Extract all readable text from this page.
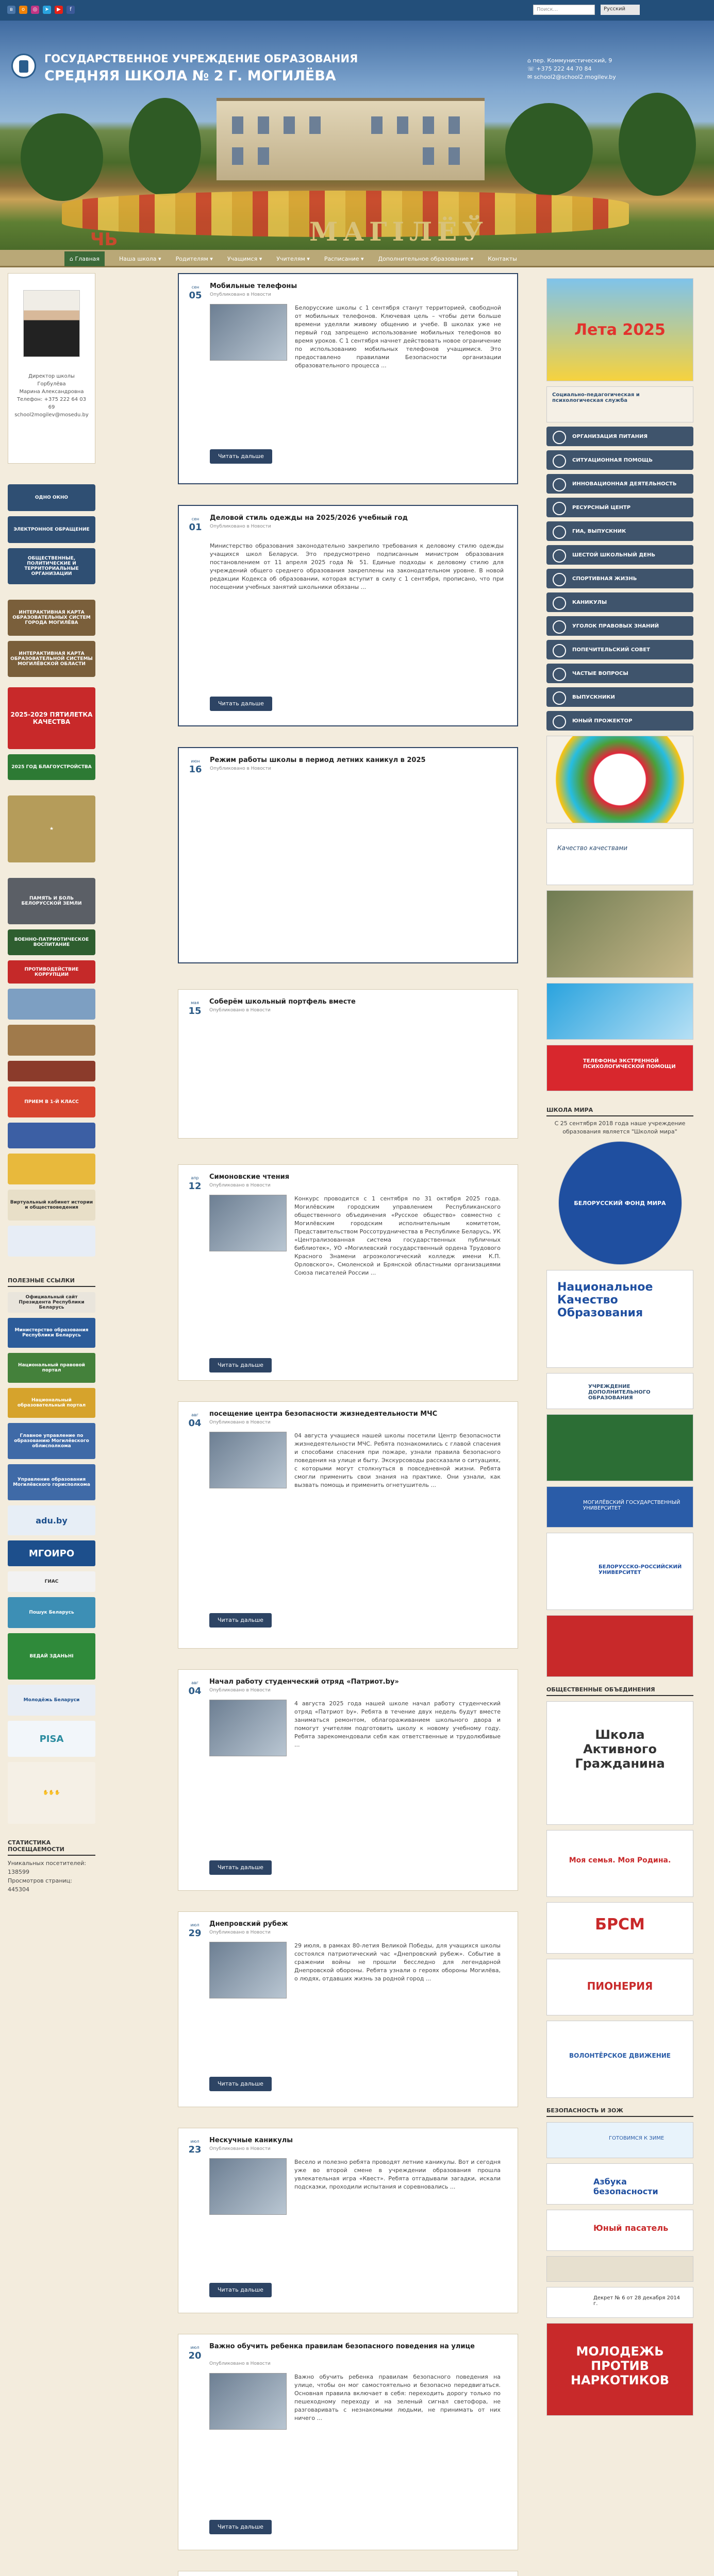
в	о	◎	➤	▶	f	Поиск...	Русский
ЧЬ	МАГІЛЁЎ
ГОСУДАРСТВЕННОЕ УЧРЕЖДЕНИЕ ОБРАЗОВАНИЯ
СРЕДНЯЯ ШКОЛА № 2 Г. МОГИЛЁВА
⌂ пер. Коммунистический, 9
☏ +375 222 44 70 84
✉ school2@school2.mogilev.by
⌂ Главная	Наша школа ▾	Родителям ▾	Учащимся ▾	Учителям ▾	Расписание ▾	Дополнительное образование ▾	Контакты
Директор школы
Горбулёва
Марина Александровна
Телефон: +375 222 64 03 69
school2mogilev@mosedu.by
ОДНО ОКНО
ЭЛЕКТРОННОЕ ОБРАЩЕНИЕ
ОБЩЕСТВЕННЫЕ, ПОЛИТИЧЕСКИЕ И ТЕРРИТОРИАЛЬНЫЕ ОРГАНИЗАЦИИ
ИНТЕРАКТИВНАЯ КАРТА ОБРАЗОВАТЕЛЬНЫХ СИСТЕМ ГОРОДА МОГИЛЁВА
ИНТЕРАКТИВНАЯ КАРТА ОБРАЗОВАТЕЛЬНОЙ СИСТЕМЫ МОГИЛЁВСКОЙ ОБЛАСТИ
2025-2029 ПЯТИЛЕТКА КАЧЕСТВА
2025 ГОД БЛАГОУСТРОЙСТВА
★
ПАМЯТЬ И БОЛЬ БЕЛОРУССКОЙ ЗЕМЛИ
ВОЕННО-ПАТРИОТИЧЕСКОЕ ВОСПИТАНИЕ
ПРОТИВОДЕЙСТВИЕ КОРРУПЦИИ
ПРИЕМ В 1-Й КЛАСС
Виртуальный кабинет истории и обществоведения
ПОЛЕЗНЫЕ ССЫЛКИ
Официальный сайт Президента Республики Беларусь
Министерство образования Республики Беларусь
Национальный правовой портал
Национальный образовательный портал
Главное управление по образованию Могилёвского облисполкома
Управление образования Могилёвского горисполкома
adu.by
МГОИРО
ГИАС
Пошук Беларусь
ВЕДАЙ ЗДАНЬНІ
Молодёжь Беларуси
PISA
✋✋✋
СТАТИСТИКА ПОСЕЩАЕМОСТИ
Уникальных посетителей: 138599
Просмотров страниц: 445304
сен
05
Мобильные телефоны
Опубликовано в Новости
Белорусские школы с 1 сентября станут территорией, свободной от мобильных телефонов. Ключевая цель – чтобы дети больше времени уделяли живому общению и учебе. В школах уже не первый год запрещено использование мобильных телефонов во время уроков. С 1 сентября начнет действовать новое ограничение по использованию мобильных телефонов учащимися. Это предоставлено правилами Безопасности организации образовательного процесса ...
Читать дальше
сен
01
Деловой стиль одежды на 2025/2026 учебный год
Опубликовано в Новости
Министерство образования законодательно закрепило требования к деловому стилю одежды учащихся школ Беларуси. Это предусмотрено подписанным министром образования постановлением от 11 апреля 2025 года № 51. Единые подходы к деловому стилю для учреждений общего среднего образования закреплены на законодательном уровне. В новой редакции Кодекса об образовании, которая вступит в силу с 1 сентября, прописано, что при посещении учебных занятий школьники обязаны ...
Читать дальше
июн
16
Режим работы школы в период летних каникул в 2025
Опубликовано в Новости
мая
15
Соберём школьный портфель вместе
Опубликовано в Новости
апр
12
Симоновские чтения
Опубликовано в Новости
Конкурс проводится с 1 сентября по 31 октября 2025 года. Могилёвским городским управлением Республиканского общественного объединения «Русское общество» совместно с Могилёвским городским исполнительным комитетом, Представительством Россотрудничества в Республике Беларусь, УК «Централизованная система государственных публичных библиотек», УО «Могилевский государственный ордена Трудового Красного Знамени агроэкологический колледж имени К.П. Орловского», Смоленской и Брянской областными организациями Союза писателей России ...
Читать дальше
авг
04
посещение центра безопасности жизнедеятельности МЧС
Опубликовано в Новости
04 августа учащиеся нашей школы посетили Центр безопасности жизнедеятельности МЧС. Ребята познакомились с главой спасения и способами спасения при пожаре, узнали правила безопасного поведения на улице и быту. Экскурсоводы рассказали о ситуациях, с которыми могут столкнуться в повседневной жизни. Ребята смогли применить свои знания на практике. Они узнали, как вызвать помощь и применить огнетушитель ...
Читать дальше
авг
04
Начал работу студенческий отряд «Патриот.by»
Опубликовано в Новости
4 августа 2025 года нашей школе начал работу студенческий отряд «Патриот by». Ребята в течение двух недель будут вместе заниматься ремонтом, облагораживанием школьного двора и помогут учителям подготовить школу к новому учебному году. Ребята зарекомендовали себя как ответственные и трудолюбивые ...
Читать дальше
июл
29
Днепровский рубеж
Опубликовано в Новости
29 июля, в рамках 80-летия Великой Победы, для учащихся школы состоялся патриотический час «Днепровский рубеж». Событие в сражении войны не прошли бесследно для легендарной Днепровской обороны. Ребята узнали о героях обороны Могилёва, о людях, отдавших жизнь за родной город ...
Читать дальше
июл
23
Нескучные каникулы
Опубликовано в Новости
Весело и полезно ребята проводят летние каникулы. Вот и сегодня уже во второй смене в учреждении образования прошла увлекательная игра «Квест». Ребята отгадывали загадки, искали подсказки, проходили испытания и соревновались ...
Читать дальше
июл
20
Важно обучить ребенка правилам безопасного поведения на улице
Опубликовано в Новости
Важно обучить ребенка правилам безопасного поведения на улице, чтобы он мог самостоятельно и безопасно передвигаться. Основная правила включает в себя: переходить дорогу только по пешеходному переходу и на зеленый сигнал светофора, не разговаривать с незнакомыми людьми, не принимать от них ничего ...
Читать дальше
Лета 2025
Социально-педагогическая и психологическая служба
ОРГАНИЗАЦИЯ ПИТАНИЯ
СИТУАЦИОННАЯ ПОМОЩЬ
ИННОВАЦИОННАЯ ДЕЯТЕЛЬНОСТЬ
РЕСУРСНЫЙ ЦЕНТР
ГИА, ВЫПУСКНИК
ШЕСТОЙ ШКОЛЬНЫЙ ДЕНЬ
СПОРТИВНАЯ ЖИЗНЬ
КАНИКУЛЫ
УГОЛОК ПРАВОВЫХ ЗНАНИЙ
ПОПЕЧИТЕЛЬСКИЙ СОВЕТ
ЧАСТЫЕ ВОПРОСЫ
ВЫПУСКНИКИ
ЮНЫЙ ПРОЖЕКТОР
Качество качествами
ТЕЛЕФОНЫ ЭКСТРЕННОЙ ПСИХОЛОГИЧЕСКОЙ ПОМОЩИ
ШКОЛА МИРА
С 25 сентября 2018 года наше учреждение образования является "Школой мира"
БЕЛОРУССКИЙ ФОНД МИРА
Национальное Качество Образования
УЧРЕЖДЕНИЕ ДОПОЛНИТЕЛЬНОГО ОБРАЗОВАНИЯ
МОГИЛЁВСКИЙ ГОСУДАРСТВЕННЫЙ УНИВЕРСИТЕТ
БЕЛОРУССКО-РОССИЙСКИЙ УНИВЕРСИТЕТ
ОБЩЕСТВЕННЫЕ ОБЪЕДИНЕНИЯ
Школа Активного Гражданина
Моя семья. Моя Родина.
БРСМ
ПИОНЕРИЯ
ВОЛОНТЁРСКОЕ ДВИЖЕНИЕ
БЕЗОПАСНОСТЬ И ЗОЖ
ГОТОВИМСЯ К ЗИМЕ
Азбука безопасности
Юный пасатель
Декрет № 6 от 28 декабря 2014 г.
МОЛОДЕЖЬ ПРОТИВ НАРКОТИКОВ
